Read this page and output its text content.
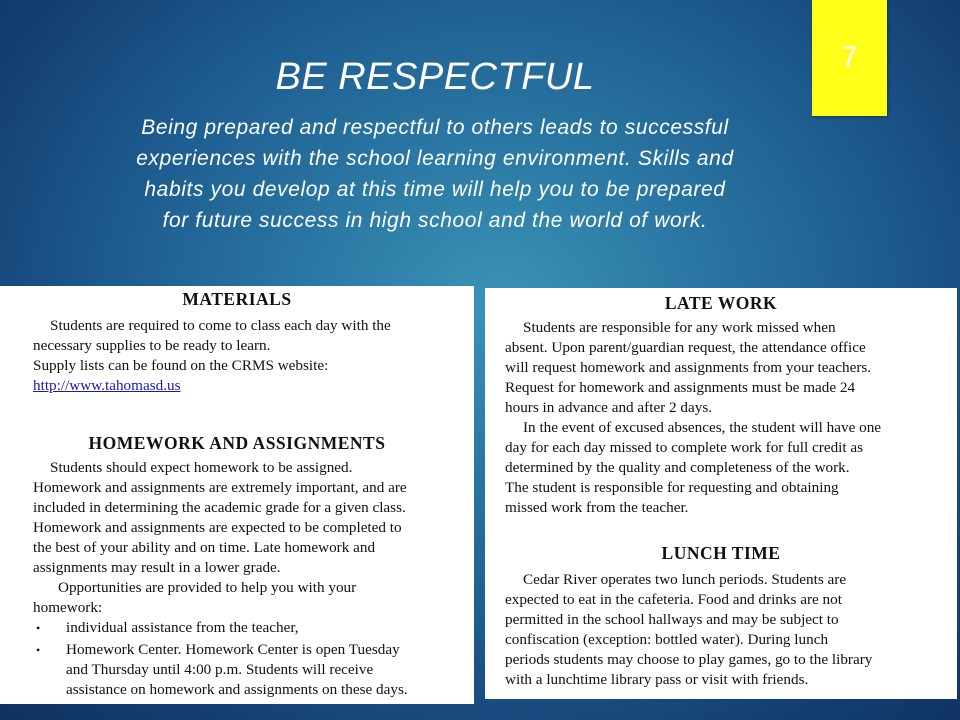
7
BE RESPECTFUL
Being prepared and respectful to others leads to successful
experiences with the school learning environment. Skills and
habits you develop at this time will help you to be prepared
for future success in high school and the world of work.
MATERIALS
Students are required to come to class each day with the
necessary supplies to be ready to learn.
Supply lists can be found on the CRMS website:
http://www.tahomasd.us
HOMEWORK AND ASSIGNMENTS
Students should expect homework to be assigned.
Homework and assignments are extremely important, and are
included in determining the academic grade for a given class.
Homework and assignments are expected to be completed to
the best of your ability and on time. Late homework and
assignments may result in a lower grade.
Opportunities are provided to help you with your
homework:
• individual assistance from the teacher,
• Homework Center. Homework Center is open Tuesday
and Thursday until 4:00 p.m. Students will receive
assistance on homework and assignments on these days.
LATE WORK
Students are responsible for any work missed when
absent. Upon parent/guardian request, the attendance office
will request homework and assignments from your teachers.
Request for homework and assignments must be made 24
hours in advance and after 2 days.
In the event of excused absences, the student will have one
day for each day missed to complete work for full credit as
determined by the quality and completeness of the work.
The student is responsible for requesting and obtaining
missed work from the teacher.
LUNCH TIME
Cedar River operates two lunch periods. Students are
expected to eat in the cafeteria. Food and drinks are not
permitted in the school hallways and may be subject to
confiscation (exception: bottled water). During lunch
periods students may choose to play games, go to the library
with a lunchtime library pass or visit with friends.
